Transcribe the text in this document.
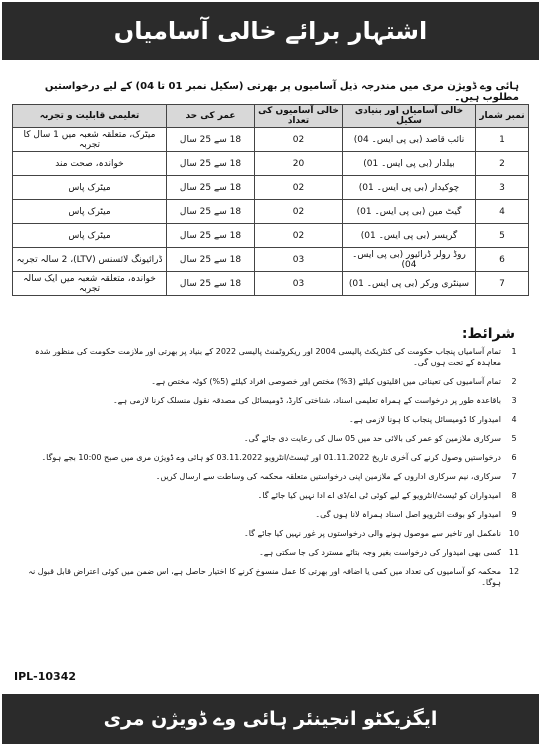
اشتہار برائے خالی آسامیاں
ہائی وے ڈویژن مری میں مندرجہ ذیل آسامیوں پر بھرتی (سکیل نمبر 01 تا 04) کے لیے درخواستیں مطلوب ہیں۔
نمبر شمار	خالی آسامیاں اور بنیادی سکیل	خالی آسامیوں کی تعداد	عمر کی حد	تعلیمی قابلیت و تجربہ
1	نائب قاصد (بی پی ایس۔ 04)	02	18 سے 25 سال	میٹرک، متعلقہ شعبہ میں 1 سال کا تجربہ
2	بیلدار (بی پی ایس۔ 01)	20	18 سے 25 سال	خواندہ، صحت مند
3	چوکیدار (بی پی ایس۔ 01)	02	18 سے 25 سال	میٹرک پاس
4	گیٹ مین (بی پی ایس۔ 01)	02	18 سے 25 سال	میٹرک پاس
5	گریسر (بی پی ایس۔ 01)	02	18 سے 25 سال	میٹرک پاس
6	روڈ رولر ڈرائیور (بی پی ایس۔ 04)	03	18 سے 25 سال	ڈرائیونگ لائسنس (LTV)، 2 سالہ تجربہ
7	سینٹری ورکر (بی پی ایس۔ 01)	03	18 سے 25 سال	خواندہ، متعلقہ شعبہ میں ایک سالہ تجربہ
شرائط:
1
تمام آسامیاں پنجاب حکومت کی کنٹریکٹ پالیسی 2004 اور ریکروٹمنٹ پالیسی 2022 کے بنیاد پر بھرتی اور ملازمت حکومت کی منظور شدہ معاہدہ کے تحت ہوں گی۔
2
تمام آسامیوں کی تعیناتی میں اقلیتوں کیلئے (3%) مختص اور خصوصی افراد کیلئے (5%) کوٹہ مختص ہے۔
3
باقاعدہ طور پر درخواست کے ہمراہ تعلیمی اسناد، شناختی کارڈ، ڈومیسائل کی مصدقہ نقول منسلک کرنا لازمی ہے۔
4
امیدوار کا ڈومیسائل پنجاب کا ہونا لازمی ہے۔
5
سرکاری ملازمین کو عمر کی بالائی حد میں 05 سال کی رعایت دی جائے گی۔
6
درخواستیں وصول کرنے کی آخری تاریخ 01.11.2022 اور ٹیسٹ/انٹرویو 03.11.2022 کو ہائی وے ڈویژن مری میں صبح 10:00 بجے ہوگا۔
7
سرکاری، نیم سرکاری اداروں کے ملازمین اپنی درخواستیں متعلقہ محکمہ کی وساطت سے ارسال کریں۔
8
امیدواران کو ٹیسٹ/انٹرویو کے لیے کوئی ٹی اے/ڈی اے ادا نہیں کیا جائے گا۔
9
امیدوار کو بوقت انٹرویو اصل اسناد ہمراہ لانا ہوں گی۔
10
نامکمل اور تاخیر سے موصول ہونے والی درخواستوں پر غور نہیں کیا جائے گا۔
11
کسی بھی امیدوار کی درخواست بغیر وجہ بتائے مسترد کی جا سکتی ہے۔
12
محکمہ کو آسامیوں کی تعداد میں کمی یا اضافہ اور بھرتی کا عمل منسوخ کرنے کا اختیار حاصل ہے، اس ضمن میں کوئی اعتراض قابل قبول نہ ہوگا۔
IPL-10342
ایگزیکٹو انجینئر ہائی وے ڈویژن مری
